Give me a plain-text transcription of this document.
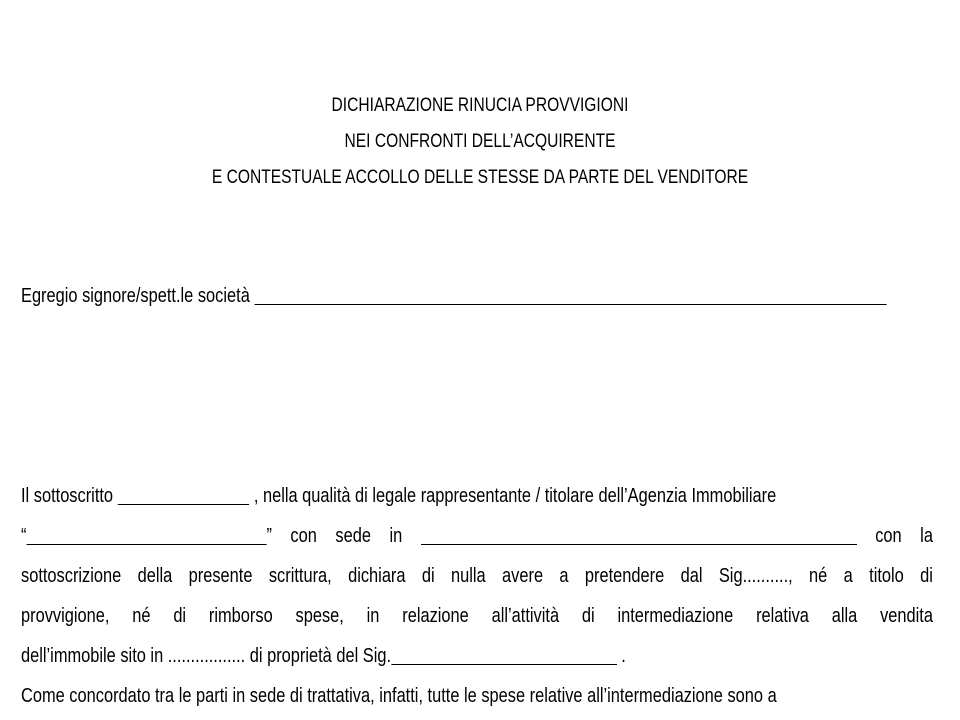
DICHIARAZIONE RINUCIA PROVVIGIONI
NEI CONFRONTI DELL’ACQUIRENTE
E CONTESTUALE ACCOLLO DELLE STESSE DA PARTE DEL VENDITORE
Egregio signore/spett.le società
Il sottoscritto	, nella qualità di legale rappresentante / titolare dell’Agenzia Immobiliare
“	” con sede in	con la
sottoscrizione della presente scrittura, dichiara di nulla avere a pretendere dal Sig.........., né a titolo di
provvigione, né di rimborso spese, in relazione all’attività di intermediazione relativa alla vendita
dell’immobile sito in ................. di proprietà del Sig.	.
Come concordato tra le parti in sede di trattativa, infatti, tutte le spese relative all’intermediazione sono a
